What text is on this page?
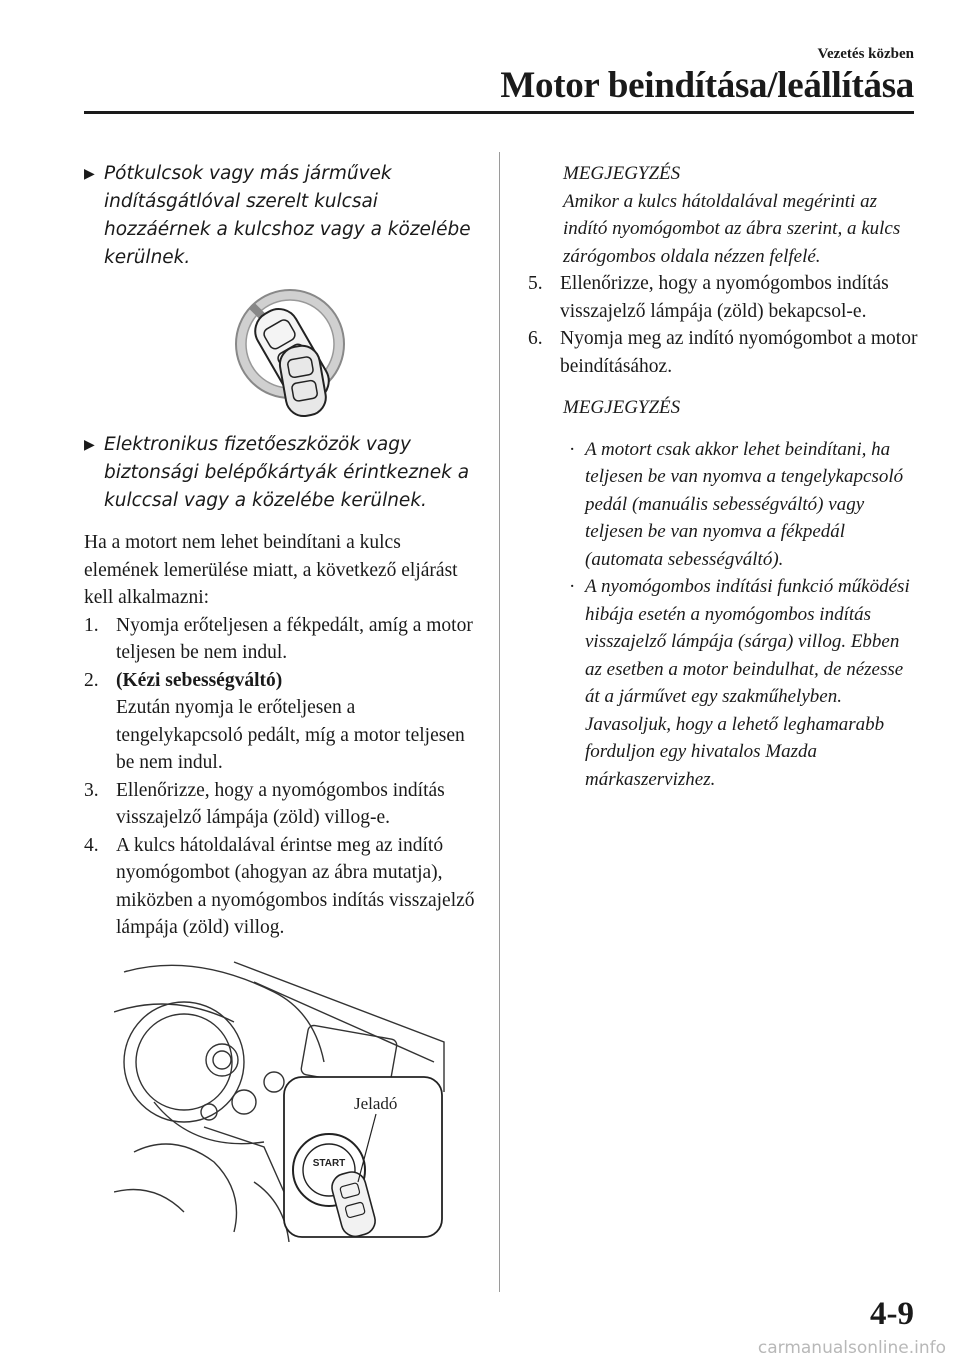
Vezetés közben
Motor beindítása/leállítása

▶ Pótkulcsok vagy más járművek indításgátlóval szerelt kulcsai hozzáérnek a kulcshoz vagy a közelébe kerülnek.

▶ Elektronikus fizetőeszközök vagy biztonsági belépőkártyák érintkeznek a kulccsal vagy a közelébe kerülnek.

Ha a motort nem lehet beindítani a kulcs elemének lemerülése miatt, a következő eljárást kell alkalmazni:

1. Nyomja erőteljesen a fékpedált, amíg a motor teljesen be nem indul.

2. (Kézi sebességváltó)
Ezután nyomja le erőteljesen a tengelykapcsoló pedált, míg a motor teljesen be nem indul.

3. Ellenőrizze, hogy a nyomógombos indítás visszajelző lámpája (zöld) villog-e.

4. A kulcs hátoldalával érintse meg az indító nyomógombot (ahogyan az ábra mutatja), miközben a nyomógombos indítás visszajelző lámpája (zöld) villog.

START
Jeladó

MEGJEGYZÉS

Amikor a kulcs hátoldalával megérinti az indító nyomógombot az ábra szerint, a kulcs zárógombos oldala nézzen felfelé.

5. Ellenőrizze, hogy a nyomógombos indítás visszajelző lámpája (zöld) bekapcsol-e.

6. Nyomja meg az indító nyomógombot a motor beindításához.

MEGJEGYZÉS

· A motort csak akkor lehet beindítani, ha teljesen be van nyomva a tengelykapcsoló pedál (manuális sebességváltó) vagy teljesen be van nyomva a fékpedál (automata sebességváltó).

· A nyomógombos indítási funkció működési hibája esetén a nyomógombos indítás visszajelző lámpája (sárga) villog. Ebben az esetben a motor beindulhat, de nézesse át a járművet egy szakműhelyben. Javasoljuk, hogy a lehető leghamarabb forduljon egy hivatalos Mazda márkaszervizhez.

4-9
carmanualsonline.info
